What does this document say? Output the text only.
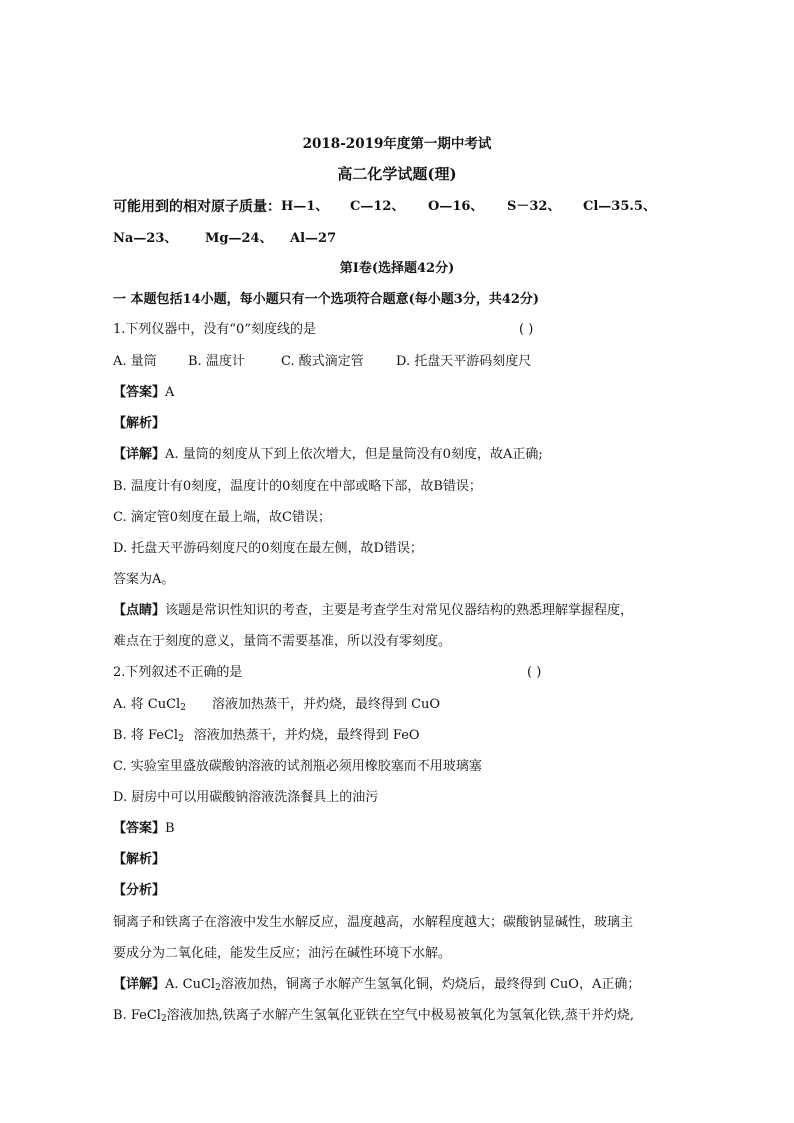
2018-2019年度第一期中考试
高二化学试题(理)
可能用到的相对原子质量： H—1、 C—12、 O—16、 S－32、 Cl—35.5、
Na—23、 Mg—24、 Al—27
第Ⅰ卷(选择题42分)
一 本题包括14小题，每小题只有一个选项符合题意(每小题3分，共42分)
1.下列仪器中，没有“0”刻度线的是	( )
A. 量筒 B. 温度计	C. 酸式滴定管 D. 托盘天平游码刻度尺
【答案】A
【解析】
【详解】A. 量筒的刻度从下到上依次增大，但是量筒没有0刻度，故A正确;
B. 温度计有0刻度，温度计的0刻度在中部或略下部，故B错误；
C. 滴定管0刻度在最上端，故C错误；
D. 托盘天平游码刻度尺的0刻度在最左侧，故D错误；
答案为A。
【点睛】该题是常识性知识的考查，主要是考查学生对常见仪器结构的熟悉理解掌握程度，
难点在于刻度的意义，量筒不需要基准，所以没有零刻度。
2.下列叙述不正确的是	( )
A. 将 CuCl$_2$ 溶液加热蒸干，并灼烧，最终得到 CuO
B. 将 FeCl$_2$ 溶液加热蒸干，并灼烧，最终得到 FeO
C. 实验室里盛放碳酸钠溶液的试剂瓶必须用橡胶塞而不用玻璃塞
D. 厨房中可以用碳酸钠溶液洗涤餐具上的油污
【答案】B
【解析】
【分析】
铜离子和铁离子在溶液中发生水解反应，温度越高，水解程度越大；碳酸钠显碱性，玻璃主
要成分为二氧化硅，能发生反应；油污在碱性环境下水解。
【详解】A. CuCl$_2$溶液加热，铜离子水解产生氢氧化铜，灼烧后，最终得到 CuO，A正确；
B. FeCl$_2$溶液加热,铁离子水解产生氢氧化亚铁在空气中极易被氧化为氢氧化铁,蒸干并灼烧,
